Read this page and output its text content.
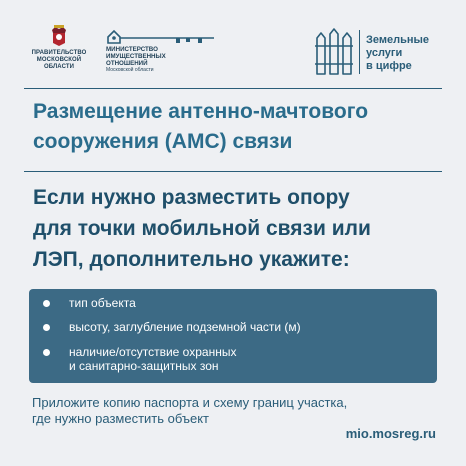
ПРАВИТЕЛЬСТВО
МОСКОВСКОЙ
ОБЛАСТИ
МИНИСТЕРСТВО
ИМУЩЕСТВЕННЫХ
ОТНОШЕНИЙ
Московской области
Земельные
услуги
в цифре
Размещение антенно-мачтового
сооружения (АМС) связи
Если нужно разместить опору
для точки мобильной связи или
ЛЭП, дополнительно укажите:
тип объекта
высоту, заглубление подземной части (м)
наличие/отсутствие охранных
и санитарно-защитных зон

Приложите копию паспорта и схему границ участка,
где нужно разместить объект

mio.mosreg.ru
